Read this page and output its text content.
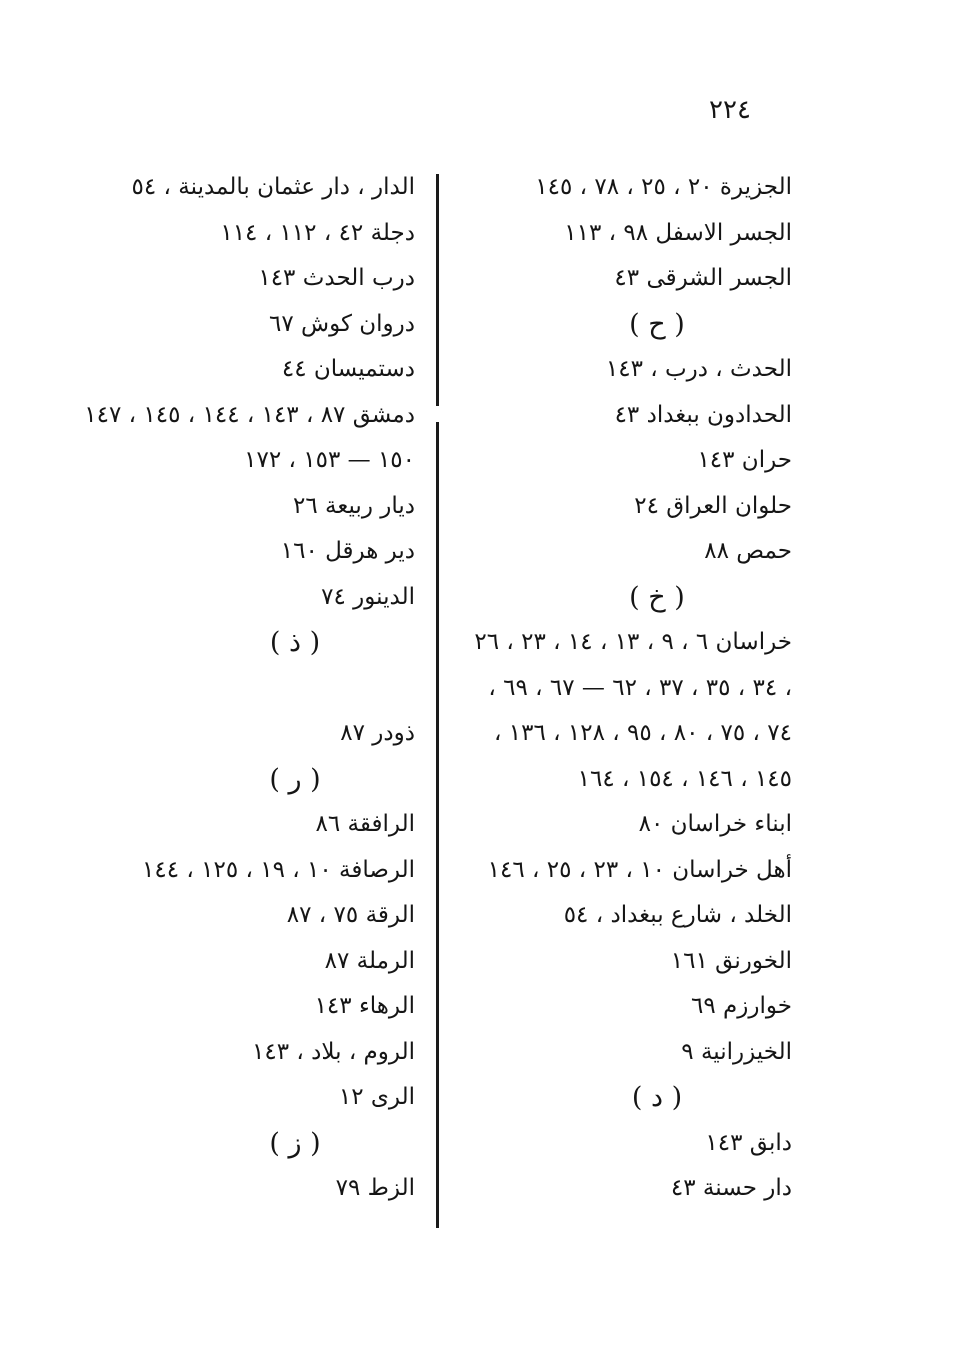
٢٢٤
الجزيرة ٢٠ ، ٢٥ ، ٧٨ ، ١٤٥
الجسر الاسفل ٩٨ ، ١١٣
الجسر الشرقى ٤٣
( ح )
الحدث ، درب ، ١٤٣
الحدادون ببغداد ٤٣
حران ١٤٣
حلوان العراق ٢٤
حمص ٨٨
( خ )
خراسان ٦ ، ٩ ، ١٣ ، ١٤ ، ٢٣ ، ٢٦
، ٣٤ ، ٣٥ ، ٣٧ ، ٦٢ — ٦٧ ، ٦٩ ،
٧٤ ، ٧٥ ، ٨٠ ، ٩٥ ، ١٢٨ ، ١٣٦ ،
١٤٥ ، ١٤٦ ، ١٥٤ ، ١٦٤
ابناء خراسان ٨٠
أهل خراسان ١٠ ، ٢٣ ، ٢٥ ، ١٤٦
الخلد ، شارع ببغداد ، ٥٤
الخورنق ١٦١
خوارزم ٦٩
الخيزرانية ٩
( د )
دابق ١٤٣
دار حسنة ٤٣
الدار ، دار عثمان بالمدينة ، ٥٤
دجلة ٤٢ ، ١١٢ ، ١١٤
درب الحدث ١٤٣
دروان كوش ٦٧
دستميسان ٤٤
دمشق ٨٧ ، ١٤٣ ، ١٤٤ ، ١٤٥ ، ١٤٧
١٥٠ — ١٥٣ ، ١٧٢
ديار ربيعة ٢٦
دير هرقل ١٦٠
الدينور ٧٤
( ذ )
ذودر ٨٧
( ر )
الرافقة ٨٦
الرصافة ١٠ ، ١٩ ، ١٢٥ ، ١٤٤
الرقة ٧٥ ، ٨٧
الرملة ٨٧
الرهاء ١٤٣
الروم ، بلاد ، ١٤٣
الرى ١٢
( ز )
الزط ٧٩
